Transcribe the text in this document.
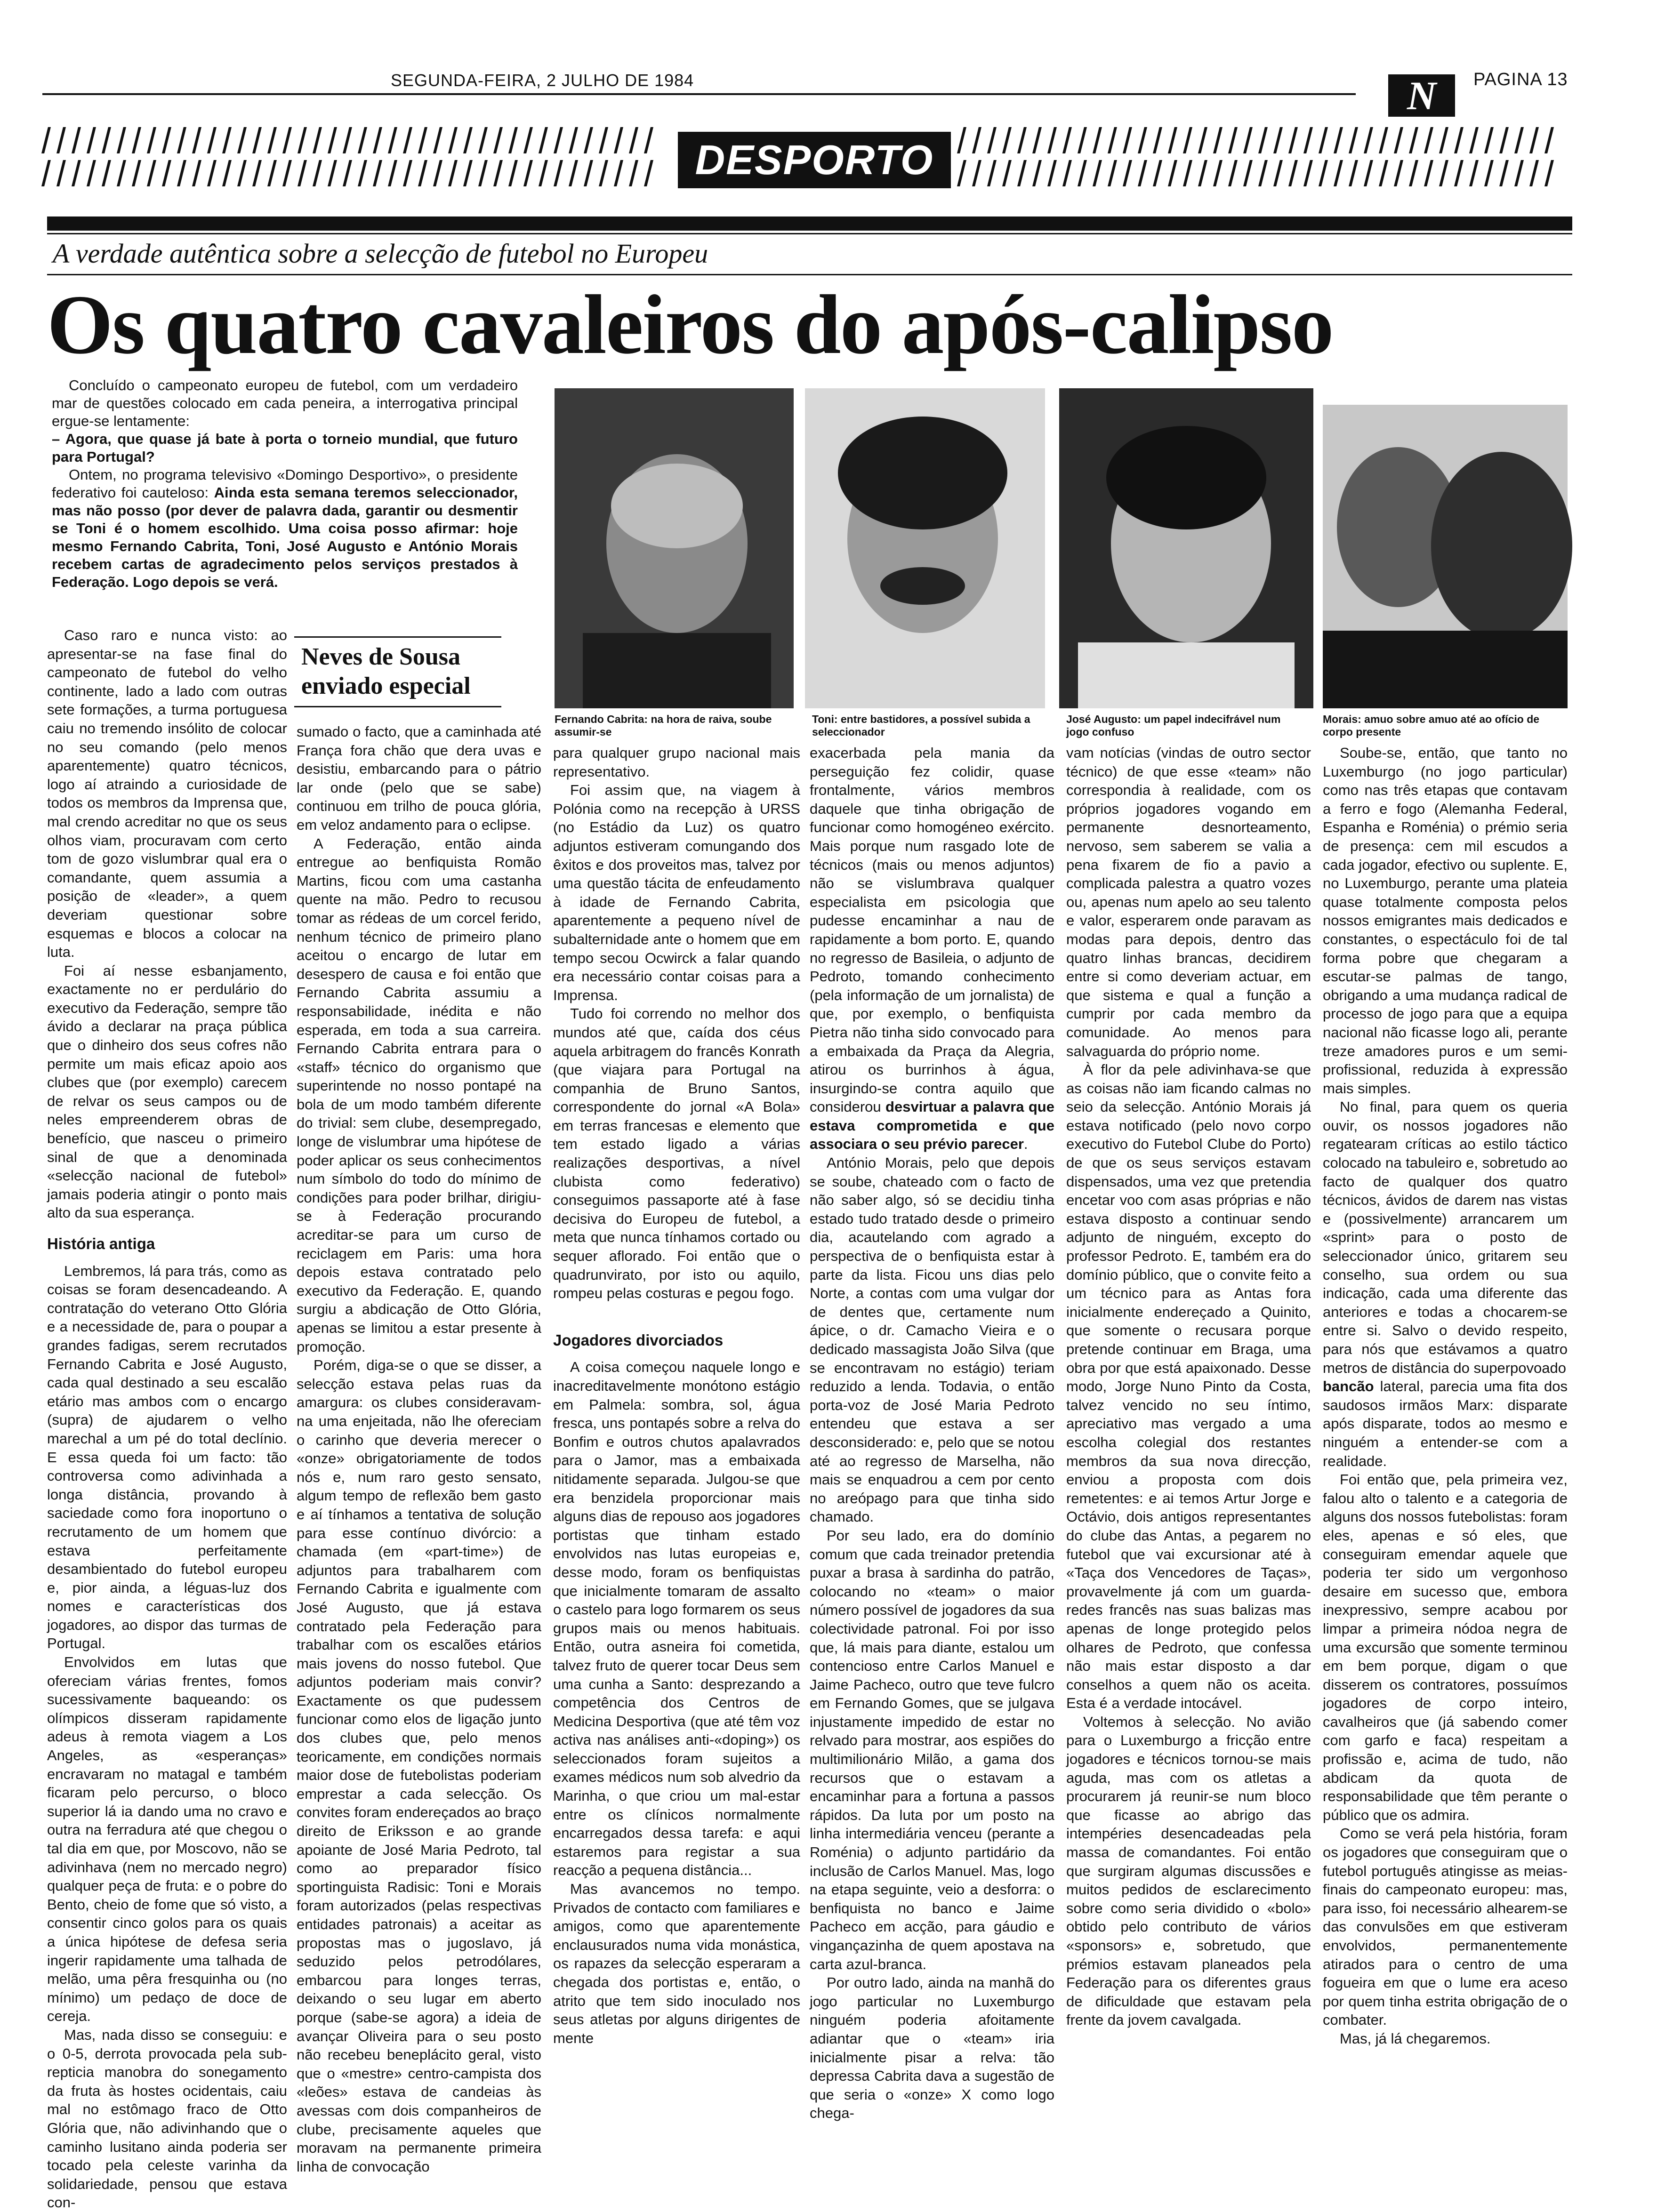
SEGUNDA-FEIRA, 2 JULHO DE 1984	N PAGINA 13
DESPORTO
A verdade autêntica sobre a selecção de futebol no Europeu
Os quatro cavaleiros do após-calipso

Concluído o campeonato europeu de futebol, com um verdadeiro mar de questões colocado em cada peneira, a interrogativa principal ergue-se lentamente:

– Agora, que quase já bate à porta o torneio mundial, que futuro para Portugal?

Ontem, no programa televisivo «Domingo Desportivo», o presidente federativo foi cauteloso: Ainda esta semana teremos seleccionador, mas não posso (por dever de palavra dada, garantir ou desmentir se Toni é o homem escolhido. Uma coisa posso afirmar: hoje mesmo Fernando Cabrita, Toni, José Augusto e António Morais recebem cartas de agradecimento pelos serviços prestados à Federação. Logo depois se verá.

Fernando Cabrita: na hora de raiva, soube assumir-se
Toni: entre bastidores, a possível subida a seleccionador
José Augusto: um papel indecifrável num jogo confuso
Morais: amuo sobre amuo até ao ofício de corpo presente
Neves de Sousa
enviado especial

Caso raro e nunca visto: ao apresentar-se na fase final do campeonato de futebol do velho continente, lado a lado com outras sete formações, a turma portuguesa caiu no tremendo insólito de colocar no seu comando (pelo menos aparentemente) quatro técnicos, logo aí atraindo a curiosidade de todos os membros da Imprensa que, mal crendo acreditar no que os seus olhos viam, procuravam com certo tom de gozo vislumbrar qual era o comandante, quem assumia a posição de «leader», a quem deveriam questionar sobre esquemas e blocos a colocar na luta.

Foi aí nesse esbanjamento, exactamente no er perdulário do executivo da Federação, sempre tão ávido a declarar na praça pública que o dinheiro dos seus cofres não permite um mais eficaz apoio aos clubes que (por exemplo) carecem de relvar os seus campos ou de neles empreenderem obras de benefício, que nasceu o primeiro sinal de que a denominada «selecção nacional de futebol» jamais poderia atingir o ponto mais alto da sua esperança.

História antiga

Lembremos, lá para trás, como as coisas se foram desencadeando. A contratação do veterano Otto Glória e a necessidade de, para o poupar a grandes fadigas, serem recrutados Fernando Cabrita e José Augusto, cada qual destinado a seu escalão etário mas ambos com o encargo (supra) de ajudarem o velho marechal a um pé do total declínio. E essa queda foi um facto: tão controversa como adivinhada a longa distância, provando à saciedade como fora inoportuno o recrutamento de um homem que estava perfeitamente desambientado do futebol europeu e, pior ainda, a léguas-luz dos nomes e características dos jogadores, ao dispor das turmas de Portugal.

Envolvidos em lutas que ofereciam várias frentes, fomos sucessivamente baqueando: os olímpicos disseram rapidamente adeus à remota viagem a Los Angeles, as «esperanças» encravaram no matagal e também ficaram pelo percurso, o bloco superior lá ia dando uma no cravo e outra na ferradura até que chegou o tal dia em que, por Moscovo, não se adivinhava (nem no mercado negro) qualquer peça de fruta: e o pobre do Bento, cheio de fome que só visto, a consentir cinco golos para os quais a única hipótese de defesa seria ingerir rapidamente uma talhada de melão, uma pêra fresquinha ou (no mínimo) um pedaço de doce de cereja.

Mas, nada disso se conseguiu: e o 0-5, derrota provocada pela sub-repticia manobra do sonegamento da fruta às hostes ocidentais, caiu mal no estômago fraco de Otto Glória que, não adivinhando que o caminho lusitano ainda poderia ser tocado pela celeste varinha da solidariedade, pensou que estava con-

sumado o facto, que a caminhada até França fora chão que dera uvas e desistiu, embarcando para o pátrio lar onde (pelo que se sabe) continuou em trilho de pouca glória, em veloz andamento para o eclipse.

A Federação, então ainda entregue ao benfiquista Romão Martins, ficou com uma castanha quente na mão. Pedro to recusou tomar as rédeas de um corcel ferido, nenhum técnico de primeiro plano aceitou o encargo de lutar em desespero de causa e foi então que Fernando Cabrita assumiu a responsabilidade, inédita e não esperada, em toda a sua carreira. Fernando Cabrita entrara para o «staff» técnico do organismo que superintende no nosso pontapé na bola de um modo também diferente do trivial: sem clube, desempregado, longe de vislumbrar uma hipótese de poder aplicar os seus conhecimentos num símbolo do todo do mínimo de condições para poder brilhar, dirigiu-se à Federação procurando acreditar-se para um curso de reciclagem em Paris: uma hora depois estava contratado pelo executivo da Federação. E, quando surgiu a abdicação de Otto Glória, apenas se limitou a estar presente à promoção.

Porém, diga-se o que se disser, a selecção estava pelas ruas da amargura: os clubes consideravam-na uma enjeitada, não lhe ofereciam o carinho que deveria merecer o «onze» obrigatoriamente de todos nós e, num raro gesto sensato, algum tempo de reflexão bem gasto e aí tínhamos a tentativa de solução para esse contínuo divórcio: a chamada (em «part-time») de adjuntos para trabalharem com Fernando Cabrita e igualmente com José Augusto, que já estava contratado pela Federação para trabalhar com os escalões etários mais jovens do nosso futebol. Que adjuntos poderiam mais convir? Exactamente os que pudessem funcionar como elos de ligação junto dos clubes que, pelo menos teoricamente, em condições normais maior dose de futebolistas poderiam emprestar a cada selecção. Os convites foram endereçados ao braço direito de Eriksson e ao grande apoiante de José Maria Pedroto, tal como ao preparador físico sportinguista Radisic: Toni e Morais foram autorizados (pelas respectivas entidades patronais) a aceitar as propostas mas o jugoslavo, já seduzido pelos petrodólares, embarcou para longes terras, deixando o seu lugar em aberto porque (sabe-se agora) a ideia de avançar Oliveira para o seu posto não recebeu beneplácito geral, visto que o «mestre» centro-campista dos «leões» estava de candeias às avessas com dois companheiros de clube, precisamente aqueles que moravam na permanente primeira linha de convocação

para qualquer grupo nacional mais representativo.

Foi assim que, na viagem à Polónia como na recepção à URSS (no Estádio da Luz) os quatro adjuntos estiveram comungando dos êxitos e dos proveitos mas, talvez por uma questão tácita de enfeudamento à idade de Fernando Cabrita, aparentemente a pequeno nível de subalternidade ante o homem que em tempo secou Ocwirck a falar quando era necessário contar coisas para a Imprensa.

Tudo foi correndo no melhor dos mundos até que, caída dos céus aquela arbitragem do francês Konrath (que viajara para Portugal na companhia de Bruno Santos, correspondente do jornal «A Bola» em terras francesas e elemento que tem estado ligado a várias realizações desportivas, a nível clubista como federativo) conseguimos passaporte até à fase decisiva do Europeu de futebol, a meta que nunca tínhamos cortado ou sequer aflorado. Foi então que o quadrunvirato, por isto ou aquilo, rompeu pelas costuras e pegou fogo.

Jogadores divorciados

A coisa começou naquele longo e inacreditavelmente monótono estágio em Palmela: sombra, sol, água fresca, uns pontapés sobre a relva do Bonfim e outros chutos apalavrados para o Jamor, mas a embaixada nitidamente separada. Julgou-se que era benzidela proporcionar mais alguns dias de repouso aos jogadores portistas que tinham estado envolvidos nas lutas europeias e, desse modo, foram os benfiquistas que inicialmente tomaram de assalto o castelo para logo formarem os seus grupos mais ou menos habituais. Então, outra asneira foi cometida, talvez fruto de querer tocar Deus sem uma cunha a Santo: desprezando a competência dos Centros de Medicina Desportiva (que até têm voz activa nas análises anti-«doping») os seleccionados foram sujeitos a exames médicos num sob alvedrio da Marinha, o que criou um mal-estar entre os clínicos normalmente encarregados dessa tarefa: e aqui estaremos para registar a sua reacção a pequena distância...

Mas avancemos no tempo. Privados de contacto com familiares e amigos, como que aparentemente enclausurados numa vida monástica, os rapazes da selecção esperaram a chegada dos portistas e, então, o atrito que tem sido inoculado nos seus atletas por alguns dirigentes de mente

exacerbada pela mania da perseguição fez colidir, quase frontalmente, vários membros daquele que tinha obrigação de funcionar como homogéneo exército. Mais porque num rasgado lote de técnicos (mais ou menos adjuntos) não se vislumbrava qualquer especialista em psicologia que pudesse encaminhar a nau de rapidamente a bom porto. E, quando no regresso de Basileia, o adjunto de Pedroto, tomando conhecimento (pela informação de um jornalista) de que, por exemplo, o benfiquista Pietra não tinha sido convocado para a embaixada da Praça da Alegria, atirou os burrinhos à água, insurgindo-se contra aquilo que considerou desvirtuar a palavra que estava comprometida e que associara o seu prévio parecer.

António Morais, pelo que depois se soube, chateado com o facto de não saber algo, só se decidiu tinha estado tudo tratado desde o primeiro dia, acautelando com agrado a perspectiva de o benfiquista estar à parte da lista. Ficou uns dias pelo Norte, a contas com uma vulgar dor de dentes que, certamente num ápice, o dr. Camacho Vieira e o dedicado massagista João Silva (que se encontravam no estágio) teriam reduzido a lenda. Todavia, o então porta-voz de José Maria Pedroto entendeu que estava a ser desconsiderado: e, pelo que se notou até ao regresso de Marselha, não mais se enquadrou a cem por cento no areópago para que tinha sido chamado.

Por seu lado, era do domínio comum que cada treinador pretendia puxar a brasa à sardinha do patrão, colocando no «team» o maior número possível de jogadores da sua colectividade patronal. Foi por isso que, lá mais para diante, estalou um contencioso entre Carlos Manuel e Jaime Pacheco, outro que teve fulcro em Fernando Gomes, que se julgava injustamente impedido de estar no relvado para mostrar, aos espiões do multimilionário Milão, a gama dos recursos que o estavam a encaminhar para a fortuna a passos rápidos. Da luta por um posto na linha intermediária venceu (perante a Roménia) o adjunto partidário da inclusão de Carlos Manuel. Mas, logo na etapa seguinte, veio a desforra: o benfiquista no banco e Jaime Pacheco em acção, para gáudio e vingançazinha de quem apostava na carta azul-branca.

Por outro lado, ainda na manhã do jogo particular no Luxemburgo ninguém poderia afoitamente adiantar que o «team» iria inicialmente pisar a relva: tão depressa Cabrita dava a sugestão de que seria o «onze» X como logo chega-

vam notícias (vindas de outro sector técnico) de que esse «team» não correspondia à realidade, com os próprios jogadores vogando em permanente desnorteamento, nervoso, sem saberem se valia a pena fixarem de fio a pavio a complicada palestra a quatro vozes ou, apenas num apelo ao seu talento e valor, esperarem onde paravam as modas para depois, dentro das quatro linhas brancas, decidirem entre si como deveriam actuar, em que sistema e qual a função a cumprir por cada membro da comunidade. Ao menos para salvaguarda do próprio nome.

À flor da pele adivinhava-se que as coisas não iam ficando calmas no seio da selecção. António Morais já estava notificado (pelo novo corpo executivo do Futebol Clube do Porto) de que os seus serviços estavam dispensados, uma vez que pretendia encetar voo com asas próprias e não estava disposto a continuar sendo adjunto de ninguém, excepto do professor Pedroto. E, também era do domínio público, que o convite feito a um técnico para as Antas fora inicialmente endereçado a Quinito, que somente o recusara porque pretende continuar em Braga, uma obra por que está apaixonado. Desse modo, Jorge Nuno Pinto da Costa, talvez vencido no seu íntimo, apreciativo mas vergado a uma escolha colegial dos restantes membros da sua nova direcção, enviou a proposta com dois remetentes: e ai temos Artur Jorge e Octávio, dois antigos representantes do clube das Antas, a pegarem no futebol que vai excursionar até à «Taça dos Vencedores de Taças», provavelmente já com um guarda-redes francês nas suas balizas mas apenas de longe protegido pelos olhares de Pedroto, que confessa não mais estar disposto a dar conselhos a quem não os aceita. Esta é a verdade intocável.

Voltemos à selecção. No avião para o Luxemburgo a fricção entre jogadores e técnicos tornou-se mais aguda, mas com os atletas a procurarem já reunir-se num bloco que ficasse ao abrigo das intempéries desencadeadas pela massa de comandantes. Foi então que surgiram algumas discussões e muitos pedidos de esclarecimento sobre como seria dividido o «bolo» obtido pelo contributo de vários «sponsors» e, sobretudo, que prémios estavam planeados pela Federação para os diferentes graus de dificuldade que estavam pela frente da jovem cavalgada.

Soube-se, então, que tanto no Luxemburgo (no jogo particular) como nas três etapas que contavam a ferro e fogo (Alemanha Federal, Espanha e Roménia) o prémio seria de presença: cem mil escudos a cada jogador, efectivo ou suplente. E, no Luxemburgo, perante uma plateia quase totalmente composta pelos nossos emigrantes mais dedicados e constantes, o espectáculo foi de tal forma pobre que chegaram a escutar-se palmas de tango, obrigando a uma mudança radical de processo de jogo para que a equipa nacional não ficasse logo ali, perante treze amadores puros e um semi-profissional, reduzida à expressão mais simples.

No final, para quem os queria ouvir, os nossos jogadores não regatearam críticas ao estilo táctico colocado na tabuleiro e, sobretudo ao facto de qualquer dos quatro técnicos, ávidos de darem nas vistas e (possivelmente) arrancarem um «sprint» para o posto de seleccionador único, gritarem seu conselho, sua ordem ou sua indicação, cada uma diferente das anteriores e todas a chocarem-se entre si. Salvo o devido respeito, para nós que estávamos a quatro metros de distância do superpovoado

bancão lateral, parecia uma fita dos saudosos irmãos Marx: disparate após disparate, todos ao mesmo e ninguém a entender-se com a realidade.

Foi então que, pela primeira vez, falou alto o talento e a categoria de alguns dos nossos futebolistas: foram eles, apenas e só eles, que conseguiram emendar aquele que poderia ter sido um vergonhoso desaire em sucesso que, embora inexpressivo, sempre acabou por limpar a primeira nódoa negra de uma excursão que somente terminou em bem porque, digam o que disserem os contratores, possuímos jogadores de corpo inteiro, cavalheiros que (já sabendo comer com garfo e faca) respeitam a profissão e, acima de tudo, não abdicam da quota de responsabilidade que têm perante o público que os admira.

Como se verá pela história, foram os jogadores que conseguiram que o futebol português atingisse as meias-finais do campeonato europeu: mas, para isso, foi necessário alhearem-se das convulsões em que estiveram envolvidos, permanentemente atirados para o centro de uma fogueira em que o lume era aceso por quem tinha estrita obrigação de o combater.

Mas, já lá chegaremos.
